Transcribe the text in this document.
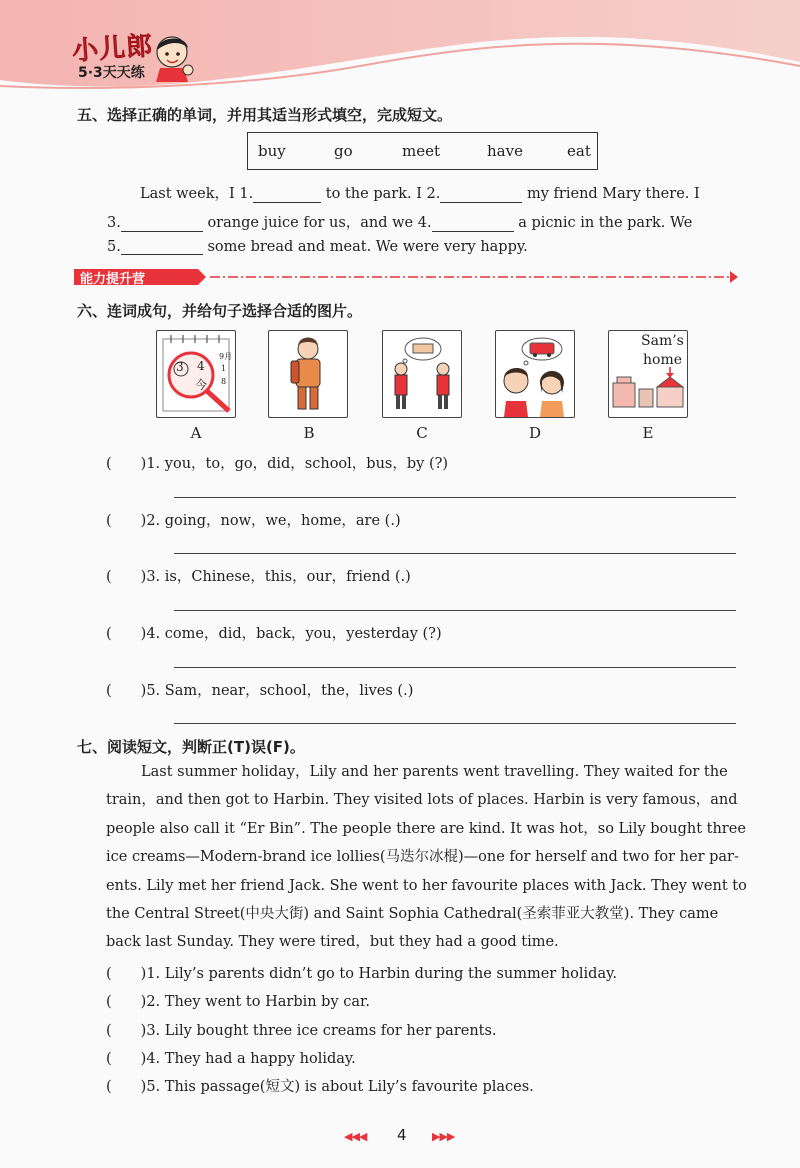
小儿郎
5·3天天练
五、选择正确的单词，并用其适当形式填空，完成短文。
buy	go	meet	have	eat
Last week，I 1.	to the park. I 2.	my friend Mary there. I
3.	orange juice for us，and we 4.	a picnic in the park. We
5.	some bread and meat. We were very happy.
能力提升营
六、连词成句，并给句子选择合适的图片。
3 4
今
9月
1
8
Sam’s
home
A	B	C	D	E
(　　)1. you，to，go，did，school，bus，by (?)
(　　)2. going，now，we，home，are (.)
(　　)3. is，Chinese，this，our，friend (.)
(　　)4. come，did，back，you，yesterday (?)
(　　)5. Sam，near，school，the，lives (.)
七、阅读短文，判断正(T)误(F)。
Last summer holiday，Lily and her parents went travelling. They waited for the
train，and then got to Harbin. They visited lots of places. Harbin is very famous，and
people also call it “Er Bin”. The people there are kind. It was hot，so Lily bought three
ice creams—Modern-brand ice lollies(马迭尔冰棍)—one for herself and two for her par-
ents. Lily met her friend Jack. She went to her favourite places with Jack. They went to
the Central Street(中央大街) and Saint Sophia Cathedral(圣索菲亚大教堂). They came
back last Sunday. They were tired，but they had a good time.
(　　)1. Lily’s parents didn’t go to Harbin during the summer holiday.
(　　)2. They went to Harbin by car.
(　　)3. Lily bought three ice creams for her parents.
(　　)4. They had a happy holiday.
(　　)5. This passage(短文) is about Lily’s favourite places.
◀◀◀ 4 ▶▶▶
